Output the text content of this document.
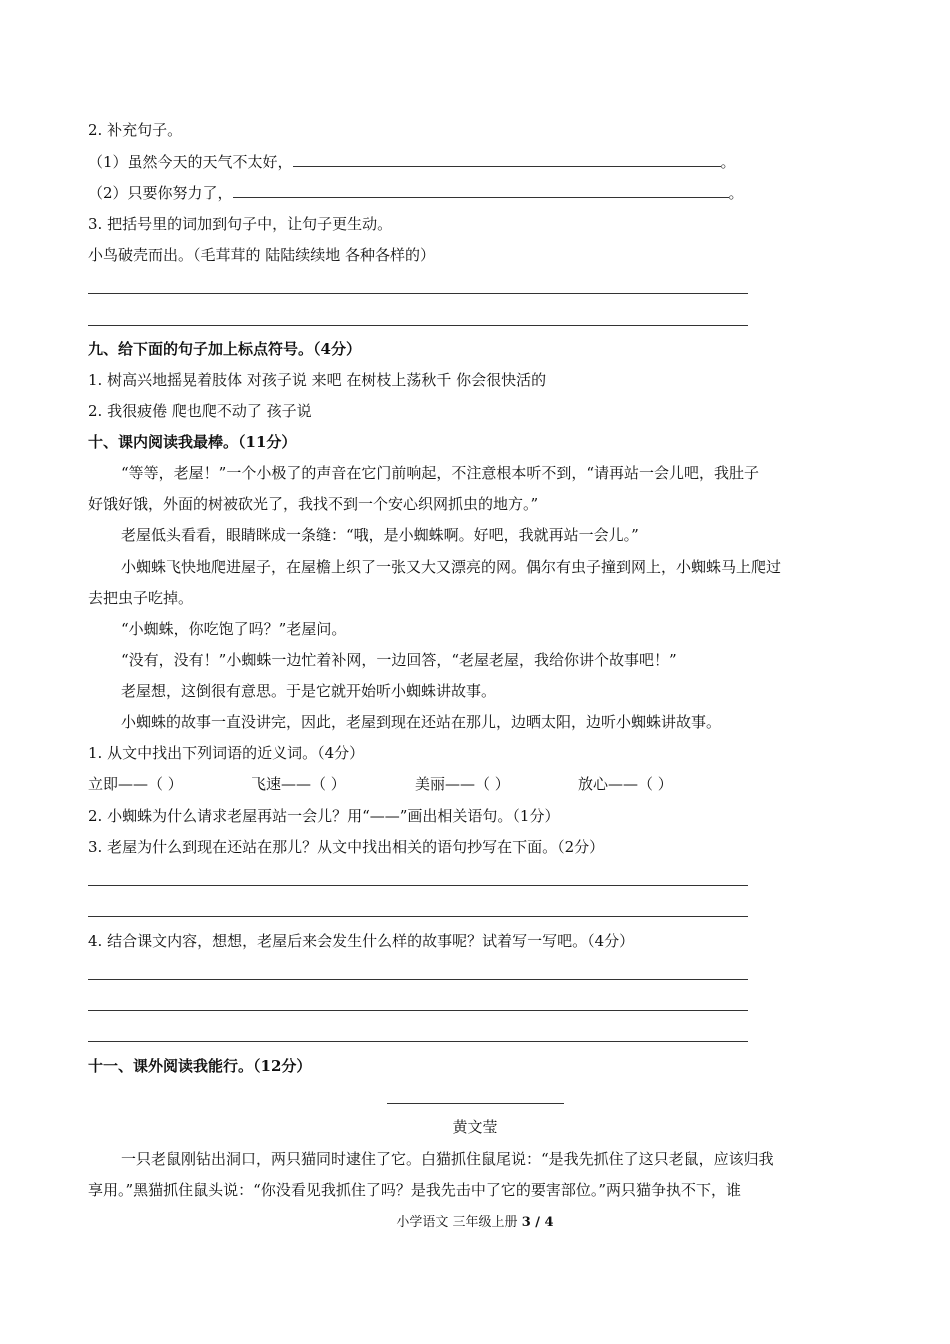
2. 补充句子。
（1）虽然今天的天气不太好，	。
（2）只要你努力了，	。
3. 把括号里的词加到句子中，让句子更生动。
小鸟破壳而出。（毛茸茸的 陆陆续续地 各种各样的）
九、给下面的句子加上标点符号。（4分）
1. 树高兴地摇晃着肢体 对孩子说 来吧 在树枝上荡秋千 你会很快活的
2. 我很疲倦 爬也爬不动了 孩子说
十、课内阅读我最棒。（11分）
“等等，老屋！”一个小极了的声音在它门前响起，不注意根本听不到，“请再站一会儿吧，我肚子
好饿好饿，外面的树被砍光了，我找不到一个安心织网抓虫的地方。”
老屋低头看看，眼睛眯成一条缝：“哦，是小蜘蛛啊。好吧，我就再站一会儿。”
小蜘蛛飞快地爬进屋子，在屋檐上织了一张又大又漂亮的网。偶尔有虫子撞到网上，小蜘蛛马上爬过
去把虫子吃掉。
“小蜘蛛，你吃饱了吗？”老屋问。
“没有，没有！”小蜘蛛一边忙着补网，一边回答，“老屋老屋，我给你讲个故事吧！”
老屋想，这倒很有意思。于是它就开始听小蜘蛛讲故事。
小蜘蛛的故事一直没讲完，因此，老屋到现在还站在那儿，边晒太阳，边听小蜘蛛讲故事。
1. 从文中找出下列词语的近义词。（4分）
立即——（ ）	飞速——（ ）	美丽——（ ）	放心——（ ）
2. 小蜘蛛为什么请求老屋再站一会儿？用“——”画出相关语句。（1分）
3. 老屋为什么到现在还站在那儿？从文中找出相关的语句抄写在下面。（2分）
4. 结合课文内容，想想，老屋后来会发生什么样的故事呢？试着写一写吧。（4分）
十一、课外阅读我能行。（12分）
黄文莹
一只老鼠刚钻出洞口，两只猫同时逮住了它。白猫抓住鼠尾说：“是我先抓住了这只老鼠，应该归我
享用。”黑猫抓住鼠头说：“你没看见我抓住了吗？是我先击中了它的要害部位。”两只猫争执不下，谁
小学语文 三年级上册 3 / 4
